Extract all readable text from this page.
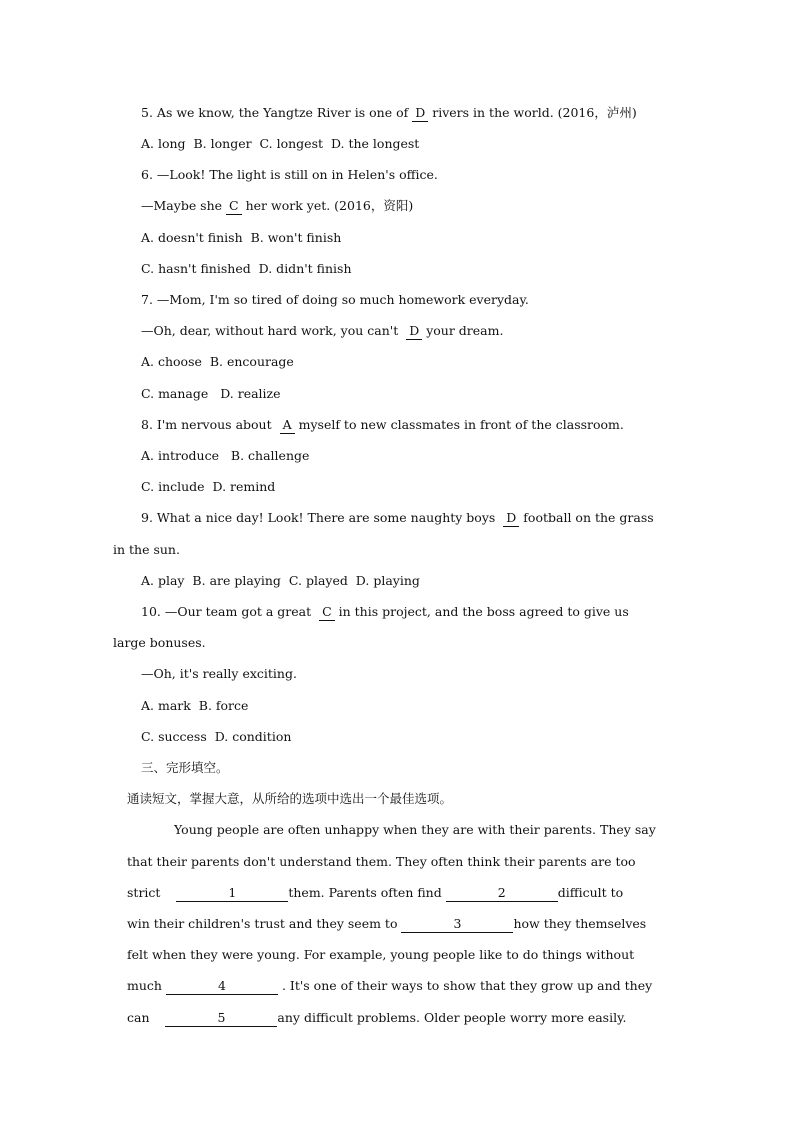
5. As we know, the Yangtze River is one of D rivers in the world. (2016，泸州)
A. long  B. longer  C. longest  D. the longest
6. —Look! The light is still on in Helen's office.
—Maybe she C her work yet. (2016，资阳)
A. doesn't finish  B. won't finish
C. hasn't finished  D. didn't finish
7. —Mom, I'm so tired of doing so much homework everyday.
—Oh, dear, without hard work, you can't D your dream.
A. choose  B. encourage
C. manage   D. realize
8. I'm nervous about A myself to new classmates in front of the classroom.
A. introduce   B. challenge
C. include  D. remind
9. What a nice day! Look! There are some naughty boys D football on the grass
in the sun.
A. play  B. are playing  C. played  D. playing
10. —Our team got a great C in this project, and the boss agreed to give us
large bonuses.
—Oh, it's really exciting.
A. mark  B. force
C. success  D. condition
三、完形填空。
通读短文，掌握大意，从所给的选项中选出一个最佳选项。
Young people are often unhappy when they are with their parents. They say
that their parents don't understand them. They often think their parents are too
strict	1	them. Parents often find	2	difficult to
win their children's trust and they seem to	3	how they themselves
felt when they were young. For example, young people like to do things without
much	4	. It's one of their ways to show that they grow up and they
can	5	any difficult problems. Older people worry more easily.
